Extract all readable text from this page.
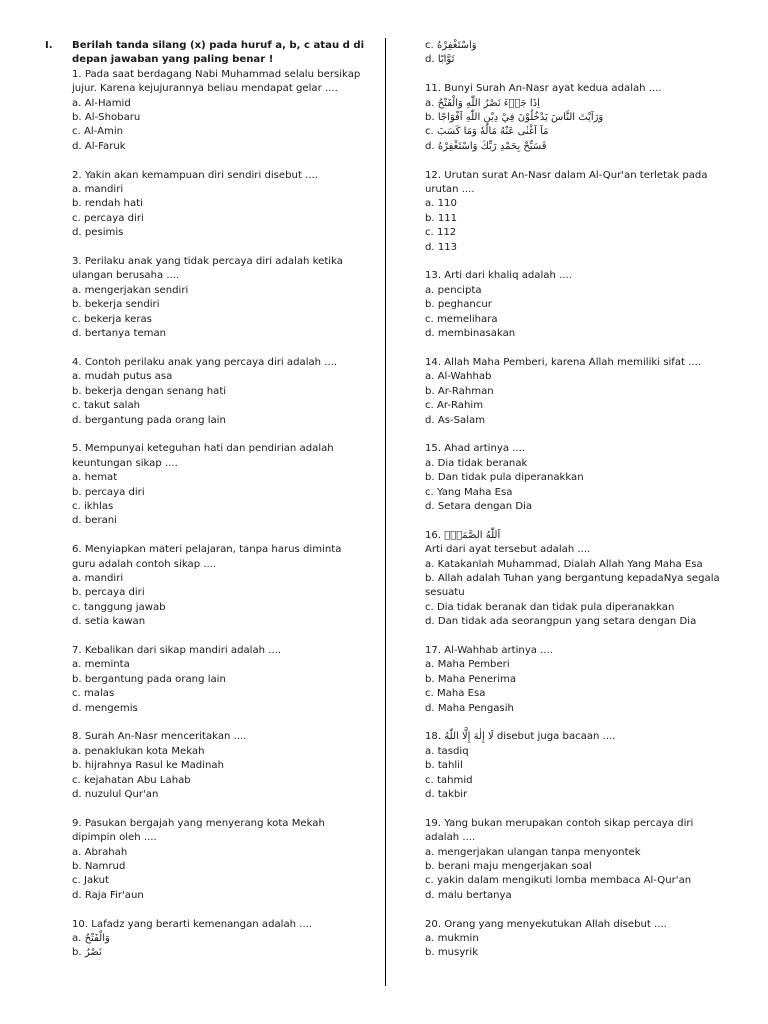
I. Berilah tanda silang (x) pada huruf a, b, c atau d di
depan jawaban yang paling benar !
1. Pada saat berdagang Nabi Muhammad selalu bersikap
jujur. Karena kejujurannya beliau mendapat gelar ....
a. Al-Hamid
b. Al-Shobaru
c. Al-Amin
d. Al-Faruk
2. Yakin akan kemampuan diri sendiri disebut ....
a. mandiri
b. rendah hati
c. percaya diri
d. pesimis
3. Perilaku anak yang tidak percaya diri adalah ketika
ulangan berusaha ....
a. mengerjakan sendiri
b. bekerja sendiri
c. bekerja keras
d. bertanya teman
4. Contoh perilaku anak yang percaya diri adalah ....
a. mudah putus asa
b. bekerja dengan senang hati
c. takut salah
d. bergantung pada orang lain
5. Mempunyai keteguhan hati dan pendirian adalah
keuntungan sikap ....
a. hemat
b. percaya diri
c. ikhlas
d. berani
6. Menyiapkan materi pelajaran, tanpa harus diminta
guru adalah contoh sikap ....
a. mandiri
b. percaya diri
c. tanggung jawab
d. setia kawan
7. Kebalikan dari sikap mandiri adalah ....
a. meminta
b. bergantung pada orang lain
c. malas
d. mengemis
8. Surah An-Nasr menceritakan ....
a. penaklukan kota Mekah
b. hijrahnya Rasul ke Madinah
c. kejahatan Abu Lahab
d. nuzulul Qur'an
9. Pasukan bergajah yang menyerang kota Mekah
dipimpin oleh ....
a. Abrahah
b. Namrud
c. Jakut
d. Raja Fir'aun
10. Lafadz yang berarti kemenangan adalah ....
a. وَالْفَتْحُ
b. نَصْرُ
c. وَاسْتَغْفِرْهُ
d. تَوَّابًا
11. Bunyi Surah An-Nasr ayat kedua adalah ....
a. اِذَا جَاۤءَ نَصْرُ اللّٰهِ وَالْفَتْحُ
b. وَرَاَيْتَ النَّاسَ يَدْخُلُوْنَ فِيْ دِيْنِ اللّٰهِ اَفْوَاجًا
c. مَآ اَغْنٰى عَنْهُ مَالُهٗ وَمَا كَسَبَ
d. فَسَبِّحْ بِحَمْدِ رَبِّكَ وَاسْتَغْفِرْهُ
12. Urutan surat An-Nasr dalam Al-Qur'an terletak pada
urutan ....
a. 110
b. 111
c. 112
d. 113
13. Arti dari khaliq adalah ....
a. pencipta
b. peghancur
c. memelihara
d. membinasakan
14. Allah Maha Pemberi, karena Allah memiliki sifat ....
a. Al-Wahhab
b. Ar-Rahman
c. Ar-Rahim
d. As-Salam
15. Ahad artinya ....
a. Dia tidak beranak
b. Dan tidak pula diperanakkan
c. Yang Maha Esa
d. Setara dengan Dia
16. اَللّٰهُ الصَّمَدُۚ
Arti dari ayat tersebut adalah ....
a. Katakanlah Muhammad, Dialah Allah Yang Maha Esa
b. Allah adalah Tuhan yang bergantung kepadaNya segala
sesuatu
c. Dia tidak beranak dan tidak pula diperanakkan
d. Dan tidak ada seorangpun yang setara dengan Dia
17. Al-Wahhab artinya ....
a. Maha Pemberi
b. Maha Penerima
c. Maha Esa
d. Maha Pengasih
18. لَا إِلٰهَ إِلَّا اللّٰهُ disebut juga bacaan ....
a. tasdiq
b. tahlil
c. tahmid
d. takbir
19. Yang bukan merupakan contoh sikap percaya diri
adalah ....
a. mengerjakan ulangan tanpa menyontek
b. berani maju mengerjakan soal
c. yakin dalam mengikuti lomba membaca Al-Qur'an
d. malu bertanya
20. Orang yang menyekutukan Allah disebut ....
a. mukmin
b. musyrik
